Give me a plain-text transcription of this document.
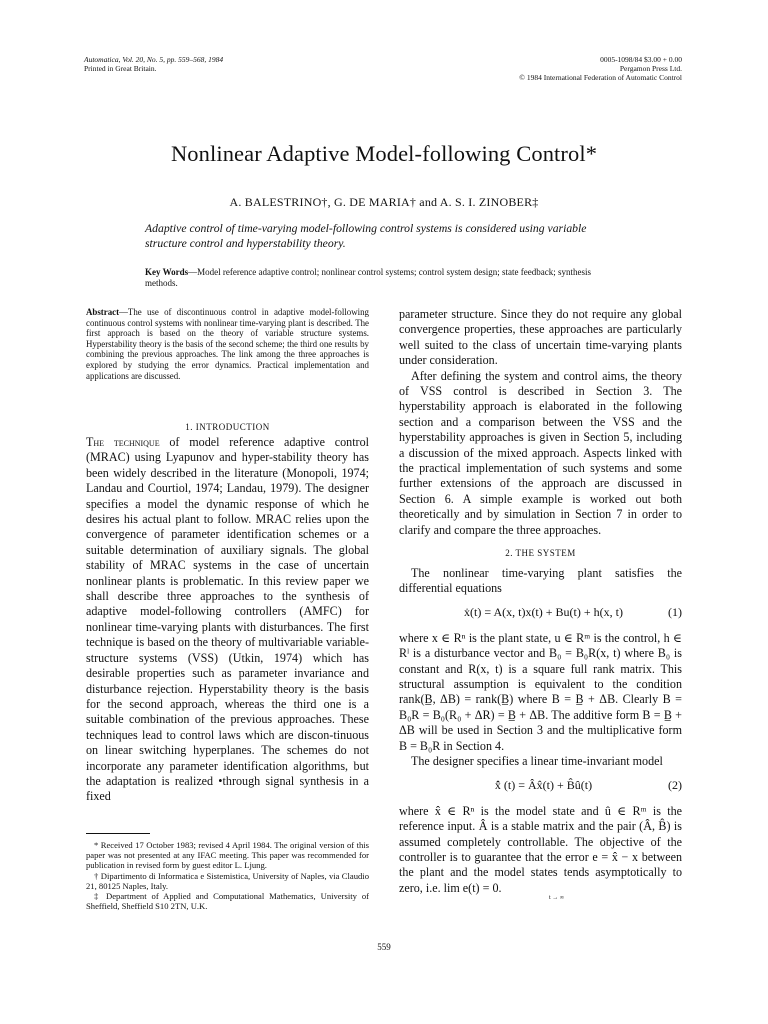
Automatica, Vol. 20, No. 5, pp. 559–568, 1984
Printed in Great Britain.
0005-1098/84 $3.00 + 0.00
Pergamon Press Ltd.
© 1984 International Federation of Automatic Control
Nonlinear Adaptive Model-following Control*
A. BALESTRINO†, G. DE MARIA† and A. S. I. ZINOBER‡
Adaptive control of time-varying model-following control systems is considered using variable structure control and hyperstability theory.
Key Words—Model reference adaptive control; nonlinear control systems; control system design; state feedback; synthesis methods.
Abstract—The use of discontinuous control in adaptive model-following continuous control systems with nonlinear time-varying plant is described. The first approach is based on the theory of variable structure systems. Hyperstability theory is the basis of the second scheme; the third one results by combining the previous approaches. The link among the three approaches is explored by studying the error dynamics. Practical implementation and applications are discussed.
1. INTRODUCTION

The technique of model reference adaptive control (MRAC) using Lyapunov and hyper-stability theory has been widely described in the literature (Monopoli, 1974; Landau and Courtiol, 1974; Landau, 1979). The designer specifies a model the dynamic response of which he desires his actual plant to follow. MRAC relies upon the convergence of parameter identification schemes or a suitable determination of auxiliary signals. The global stability of MRAC systems in the case of uncertain nonlinear plants is problematic. In this review paper we shall describe three approaches to the synthesis of adaptive model-following controllers (AMFC) for nonlinear time-varying plants with disturbances. The first technique is based on the theory of multivariable variable-structure systems (VSS) (Utkin, 1974) which has desirable properties such as parameter invariance and disturbance rejection. Hyperstability theory is the basis for the second approach, whereas the third one is a suitable combination of the previous approaches. These techniques lead to control laws which are discon-tinuous on linear switching hyperplanes. The schemes do not incorporate any parameter identification algorithms, but the adaptation is realized •through signal synthesis in a fixed

* Received 17 October 1983; revised 4 April 1984. The original version of this paper was not presented at any IFAC meeting. This paper was recommended for publication in revised form by guest editor L. Ljung.

† Dipartimento di Informatica e Sistemistica, University of Naples, via Claudio 21, 80125 Naples, Italy.

‡ Department of Applied and Computational Mathematics, University of Sheffield, Sheffield S10 2TN, U.K.

parameter structure. Since they do not require any global convergence properties, these approaches are particularly well suited to the class of uncertain time-varying plants under consideration.

After defining the system and control aims, the theory of VSS control is described in Section 3. The hyperstability approach is elaborated in the following section and a comparison between the VSS and the hyperstability approaches is given in Section 5, including a discussion of the mixed approach. Aspects linked with the practical implementation of such systems and some further extensions of the approach are discussed in Section 6. A simple example is worked out both theoretically and by simulation in Section 7 in order to clarify and compare the three approaches.

2. THE SYSTEM

The nonlinear time-varying plant satisfies the differential equations

ẋ(t) = A(x, t)x(t) + Bu(t) + h(x, t)	(1)

where x ∈ Rⁿ is the plant state, u ∈ Rᵐ is the control, h ∈ Rˡ is a disturbance vector and B₀ = B₀R(x, t) where B₀ is constant and R(x, t) is a square full rank matrix. This structural assumption is equivalent to the condition rank(B̲, ΔB) = rank(B̲) where B = B̲ + ΔB. Clearly B = B₀R = B₀(R₀ + ΔR) = B̲ + ΔB. The additive form B = B̲ + ΔB will be used in Section 3 and the multiplicative form B = B₀R in Section 4.

The designer specifies a linear time-invariant model

x̂̇ (t) = Âx̂(t) + B̂û(t)	(2)

where x̂ ∈ Rⁿ is the model state and û ∈ Rᵐ is the reference input. Â is a stable matrix and the pair (Â, B̂) is assumed completely controllable. The objective of the controller is to guarantee that the error e = x̂ − x between the plant and the model states tends asymptotically to zero, i.e. lim e(t) = 0.

t → ∞
559
